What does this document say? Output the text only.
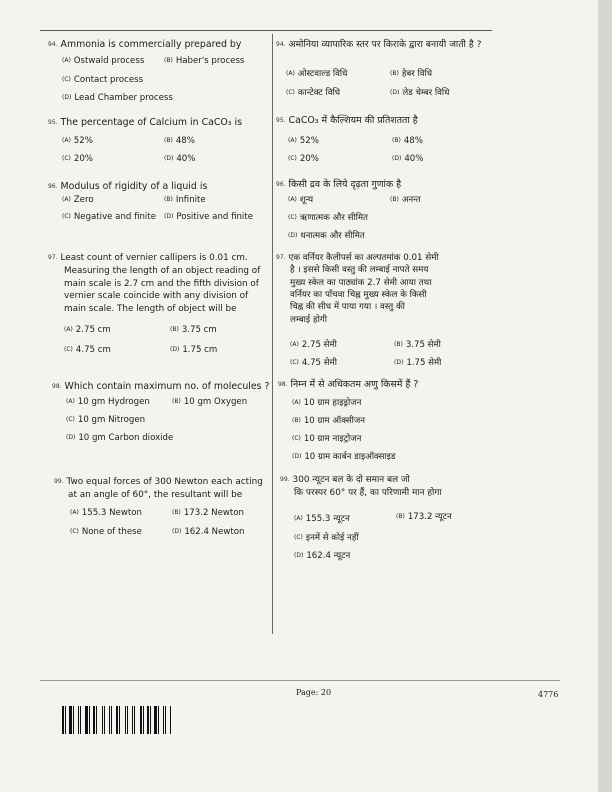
94. Ammonia is commercially prepared by
(A) Ostwald process	(B) Haber's process
(C) Contact process
(D) Lead Chamber process
95. The percentage of Calcium in CaCO₃ is
(A) 52%	(B) 48%
(C) 20%	(D) 40%
96. Modulus of rigidity of a liquid is
(A) Zero	(B) Infinite
(C) Negative and finite (D) Positive and finite
97. Least count of vernier callipers is 0.01 cm.
Measuring the length of an object reading of
main scale is 2.7 cm and the fifth division of
vernier scale coincide with any division of
main scale. The length of object will be
(A) 2.75 cm	(B) 3.75 cm
(C) 4.75 cm	(D) 1.75 cm
98. Which contain maximum no. of molecules ?
(A) 10 gm Hydrogen	(B) 10 gm Oxygen
(C) 10 gm Nitrogen
(D) 10 gm Carbon dioxide
99. Two equal forces of 300 Newton each acting
at an angle of 60°, the resultant will be
(A) 155.3 Newton	(B) 173.2 Newton
(C) None of these	(D) 162.4 Newton
94. अमोनिया व्यापारिक स्तर पर किराके द्वारा बनायी जाती है ?
(A) ओस्टवाल्ड विधि	(B) हेबर विधि
(C) कान्टेक्ट विधि	(D) लेड चेम्बर विधि
95. CaCO₃ में कैल्शियम की प्रतिशतता है
(A) 52%	(B) 48%
(C) 20%	(D) 40%
96. किसी द्रव के लिये दृढ़ता गुणांक है
(A) शून्य	(B) अनन्त
(C) ऋणात्मक और सीमित
(D) धनात्मक और सीमित
97. एक वर्नियर कैलीपर्स का अल्पतमांक 0.01 सेमी
है । इससे किसी वस्तु की लम्बाई नापते समय
मुख्य स्केल का पाठ्यांक 2.7 सेमी आया तथा
वर्नियर का पाँचवा चिह्न मुख्य स्केल के किसी
चिह्न की सीध में पाया गया । वस्तु की
लम्बाई होगी
(A) 2.75 सेमी	(B) 3.75 सेमी
(C) 4.75 सेमी	(D) 1.75 सेमी
98. निम्न में से अधिकतम अणु किसमें हैं ?
(A) 10 ग्राम हाइड्रोजन
(B) 10 ग्राम ऑक्सीजन
(C) 10 ग्राम नाइट्रोजन
(D) 10 ग्राम कार्बन डाइऑक्साइड
99. 300 न्यूटन बल के दो समान बल जो
कि परस्पर 60° पर हैं, का परिणामी मान होगा
(A) 155.3 न्यूटन	(B) 173.2 न्यूटन
(C) इनमें से कोई नहीं
(D) 162.4 न्यूटन
Page: 20	4776
